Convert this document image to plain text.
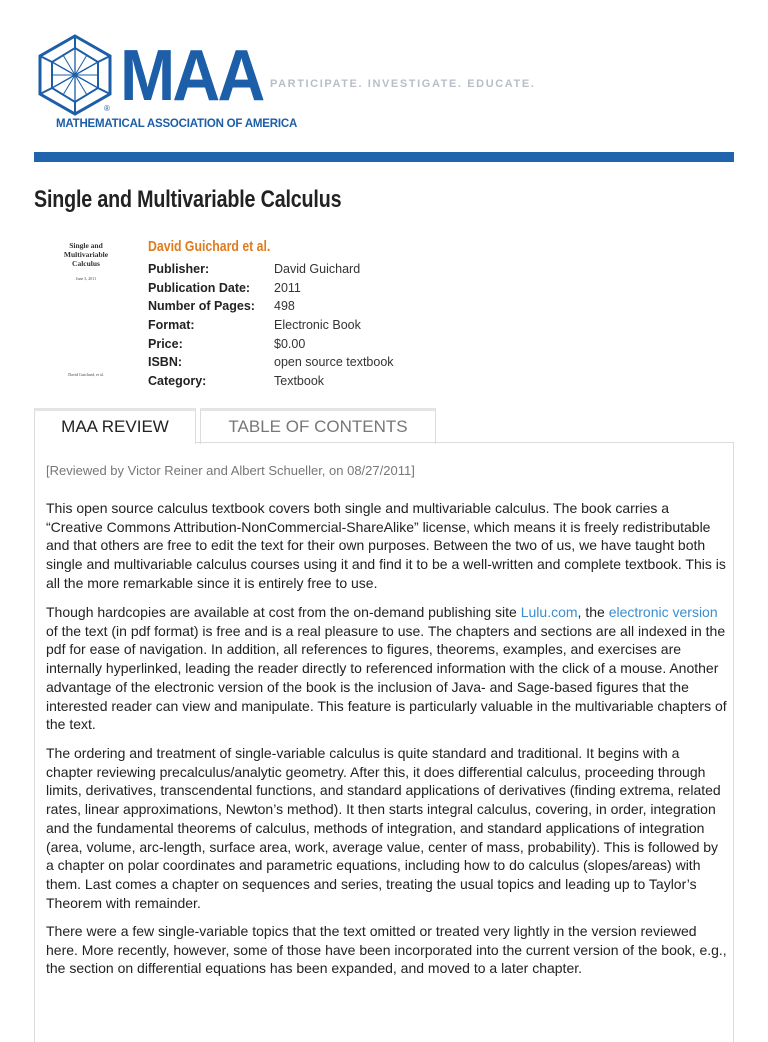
MAA
®
MATHEMATICAL ASSOCIATION OF AMERICA
PARTICIPATE. INVESTIGATE. EDUCATE.
Single and Multivariable Calculus
Single and
Multivariable
Calculus
June 3, 2011
David Guichard, et al.
David Guichard et al.
Publisher:	David Guichard
Publication Date: 2011
Number of Pages: 498
Format:	Electronic Book
Price:	$0.00
ISBN:	open source textbook
Category:	Textbook
MAA REVIEW	TABLE OF CONTENTS
[Reviewed by Victor Reiner and Albert Schueller, on 08/27/2011]

This open source calculus textbook covers both single and multivariable calculus. The book carries a “Creative Commons Attribution-NonCommercial-ShareAlike” license, which means it is freely redistributable and that others are free to edit the text for their own purposes. Between the two of us, we have taught both single and multivariable calculus courses using it and find it to be a well-written and complete textbook. This is all the more remarkable since it is entirely free to use.

Though hardcopies are available at cost from the on-demand publishing site Lulu.com, the electronic version of the text (in pdf format) is free and is a real pleasure to use. The chapters and sections are all indexed in the pdf for ease of navigation. In addition, all references to figures, theorems, examples, and exercises are internally hyperlinked, leading the reader directly to referenced information with the click of a mouse. Another advantage of the electronic version of the book is the inclusion of Java- and Sage-based figures that the interested reader can view and manipulate. This feature is particularly valuable in the multivariable chapters of the text.

The ordering and treatment of single-variable calculus is quite standard and traditional. It begins with a chapter reviewing precalculus/analytic geometry. After this, it does differential calculus, proceeding through limits, derivatives, transcendental functions, and standard applications of derivatives (finding extrema, related rates, linear approximations, Newton’s method). It then starts integral calculus, covering, in order, integration and the fundamental theorems of calculus, methods of integration, and standard applications of integration (area, volume, arc-length, surface area, work, average value, center of mass, probability). This is followed by a chapter on polar coordinates and parametric equations, including how to do calculus (slopes/areas) with them. Last comes a chapter on sequences and series, treating the usual topics and leading up to Taylor’s Theorem with remainder.

There were a few single-variable topics that the text omitted or treated very lightly in the version reviewed here. More recently, however, some of those have been incorporated into the current version of the book, e.g., the section on differential equations has been expanded, and moved to a later chapter.
